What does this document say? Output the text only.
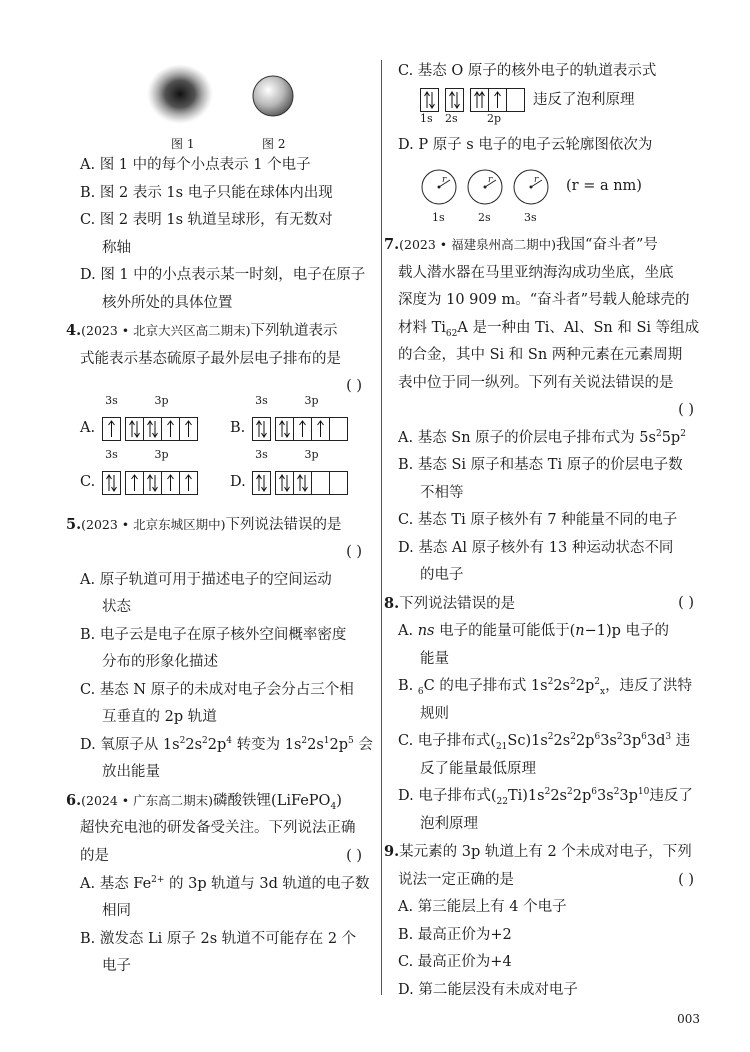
图 1	图 2
A. 图 1 中的每个小点表示 1 个电子
B. 图 2 表示 1s 电子只能在球体内出现
C. 图 2 表明 1s 轨道呈球形，有无数对
称轴
D. 图 1 中的小点表示某一时刻，电子在原子
核外所处的具体位置
4.(2023 • 北京大兴区高二期末)下列轨道表示
式能表示基态硫原子最外层电子排布的是
( )
A.
3s	3p
B.
3s	3p
C.
3s	3p
D.
3s	3p
5.(2023 • 北京东城区期中)下列说法错误的是
( )
A. 原子轨道可用于描述电子的空间运动
状态
B. 电子云是电子在原子核外空间概率密度
分布的形象化描述
C. 基态 N 原子的未成对电子会分占三个相
互垂直的 2p 轨道
D. 氧原子从 $1s^22s^22p^4$ 转变为 $1s^22s^12p^5$ 会
放出能量
6.(2024 • 广东高二期末)磷酸铁锂(LiFePO$_4$)
超快充电池的研发备受关注。下列说法正确
的是	( )
A. 基态 $Fe^{2+}$ 的 3p 轨道与 3d 轨道的电子数
相同
B. 激发态 Li 原子 2s 轨道不可能存在 2 个
电子
C. 基态 O 原子的核外电子的轨道表示式
1s	2s	2p
违反了泡利原理
D. P 原子 s 电子的电子云轮廓图依次为
r	r	r (r = a nm)
1s	2s	3s
7.(2023 • 福建泉州高二期中)我国“奋斗者”号
载人潜水器在马里亚纳海沟成功坐底，坐底
深度为 10 909 m。“奋斗者”号载人舱球壳的
材料 $Ti_{62}A$ 是一种由 Ti、Al、Sn 和 Si 等组成
的合金，其中 Si 和 Sn 两种元素在元素周期
表中位于同一纵列。下列有关说法错误的是
( )
A. 基态 Sn 原子的价层电子排布式为 $5s^25p^2$
B. 基态 Si 原子和基态 Ti 原子的价层电子数
不相等
C. 基态 Ti 原子核外有 7 种能量不同的电子
D. 基态 Al 原子核外有 13 种运动状态不同
的电子
8.下列说法错误的是	( )
A. ns 电子的能量可能低于(n−1)p 电子的
能量
B. $_6$C 的电子排布式 $1s^22s^22p^2_x$，违反了洪特
规则
C. 电子排布式$(_{21}Sc)1s^22s^22p^63s^23p^63d^3$ 违
反了能量最低原理
D. 电子排布式$(_{22}Ti)1s^22s^22p^63s^23p^{10}$违反了
泡利原理
9.某元素的 3p 轨道上有 2 个未成对电子，下列
说法一定正确的是	( )
A. 第三能层上有 4 个电子
B. 最高正价为+2
C. 最高正价为+4
D. 第二能层没有未成对电子
003
